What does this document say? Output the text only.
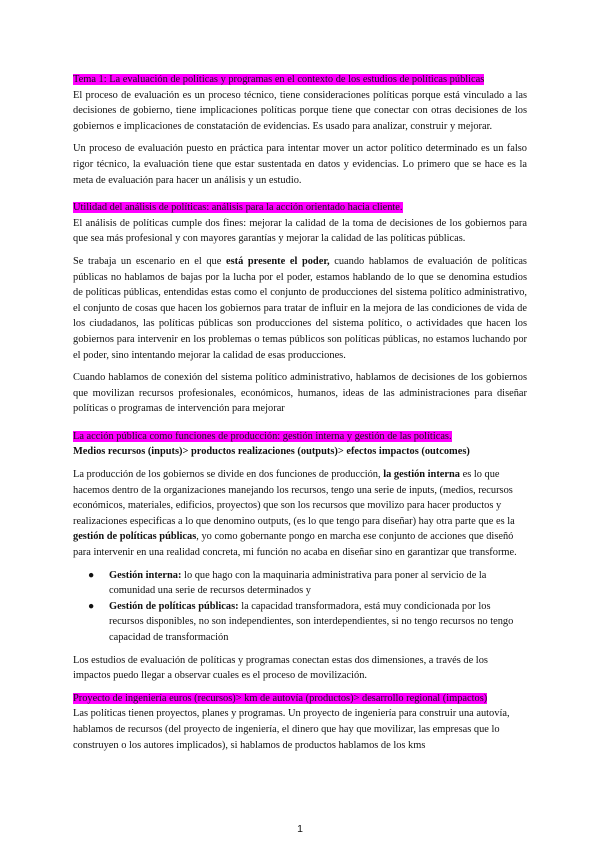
Tema 1: La evaluación de políticas y programas en el contexto de los estudios de políticas públicas

El proceso de evaluación es un proceso técnico, tiene consideraciones políticas porque está vinculado a las decisiones de gobierno, tiene implicaciones políticas porque tiene que conectar con otras decisiones de los gobiernos e implicaciones de constatación de evidencias. Es usado para analizar, construir y mejorar.

Un proceso de evaluación puesto en práctica para intentar mover un actor político determinado es un falso rigor técnico, la evaluación tiene que estar sustentada en datos y evidencias. Lo primero que se hace es la meta de evaluación para hacer un análisis y un estudio.

Utilidad del análisis de políticas: análisis para la acción orientado hacia cliente.

El análisis de políticas cumple dos fines: mejorar la calidad de la toma de decisiones de los gobiernos para que sea más profesional y con mayores garantías y mejorar la calidad de las políticas públicas.

Se trabaja un escenario en el que está presente el poder, cuando hablamos de evaluación de políticas públicas no hablamos de bajas por la lucha por el poder, estamos hablando de lo que se denomina estudios de políticas públicas, entendidas estas como el conjunto de producciones del sistema político administrativo, el conjunto de cosas que hacen los gobiernos para tratar de influir en la mejora de las condiciones de vida de los ciudadanos, las políticas públicas son producciones del sistema político, o actividades que hacen los gobiernos para intervenir en los problemas o temas públicos son políticas públicas, no estamos luchando por el poder, sino intentando mejorar la calidad de esas producciones.

Cuando hablamos de conexión del sistema político administrativo, hablamos de decisiones de los gobiernos que movilizan recursos profesionales, económicos, humanos, ideas de las administraciones para diseñar políticas o programas de intervención para mejorar

La acción pública como funciones de producción: gestión interna y gestión de las políticas.

Medios recursos (inputs)> productos realizaciones (outputs)> efectos impactos (outcomes)

La producción de los gobiernos se divide en dos funciones de producción, la gestión interna es lo que hacemos dentro de la organizaciones manejando los recursos, tengo una serie de inputs, (medios, recursos económicos, materiales, edificios, proyectos) que son los recursos que movilizo para hacer productos y realizaciones especificas a lo que denomino outputs, (es lo que tengo para diseñar) hay otra parte que es la gestión de políticas públicas, yo como gobernante pongo en marcha ese conjunto de acciones que diseñó para intervenir en una realidad concreta, mi función no acaba en diseñar sino en garantizar que transforme.

● Gestión interna: lo que hago con la maquinaria administrativa para poner al servicio de la comunidad una serie de recursos determinados y
● Gestión de políticas públicas: la capacidad transformadora, está muy condicionada por los recursos disponibles, no son independientes, son interdependientes, si no tengo recursos no tengo capacidad de transformación

Los estudios de evaluación de políticas y programas conectan estas dos dimensiones, a través de los impactos puedo llegar a observar cuales es el proceso de movilización.

Proyecto de ingeniería euros (recursos)> km de autovía (productos)> desarrollo regional (impactos)

Las políticas tienen proyectos, planes y programas. Un proyecto de ingeniería para construir una autovía, hablamos de recursos (del proyecto de ingeniería, el dinero que hay que movilizar, las empresas que lo construyen o los autores implicados), si hablamos de productos hablamos de los kms

1
